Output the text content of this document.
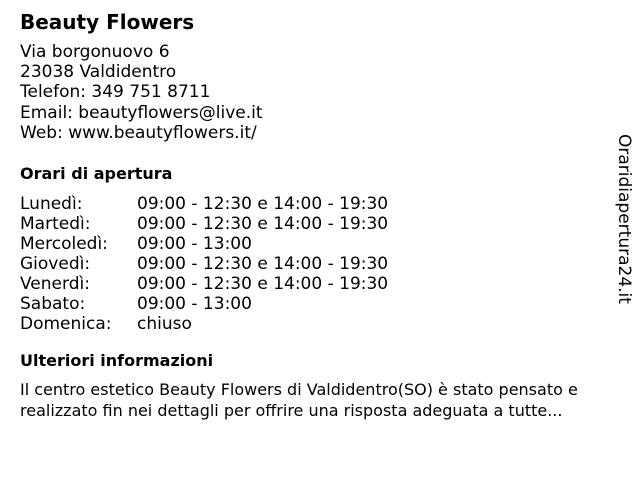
Beauty Flowers
Via borgonuovo 6
23038 Valdidentro
Telefon: 349 751 8711
Email: beautyflowers@live.it
Web: www.beautyflowers.it/
Orari di apertura
Lunedì:	09:00 - 12:30 e 14:00 - 19:30
Martedì:	09:00 - 12:30 e 14:00 - 19:30
Mercoledì:	09:00 - 13:00
Giovedì:	09:00 - 12:30 e 14:00 - 19:30
Venerdì:	09:00 - 12:30 e 14:00 - 19:30
Sabato:	09:00 - 13:00
Domenica:	chiuso
Ulteriori informazioni
Il centro estetico Beauty Flowers di Valdidentro(SO) è stato pensato e
realizzato fin nei dettagli per offrire una risposta adeguata a tutte...
Oraridiapertura24.it
